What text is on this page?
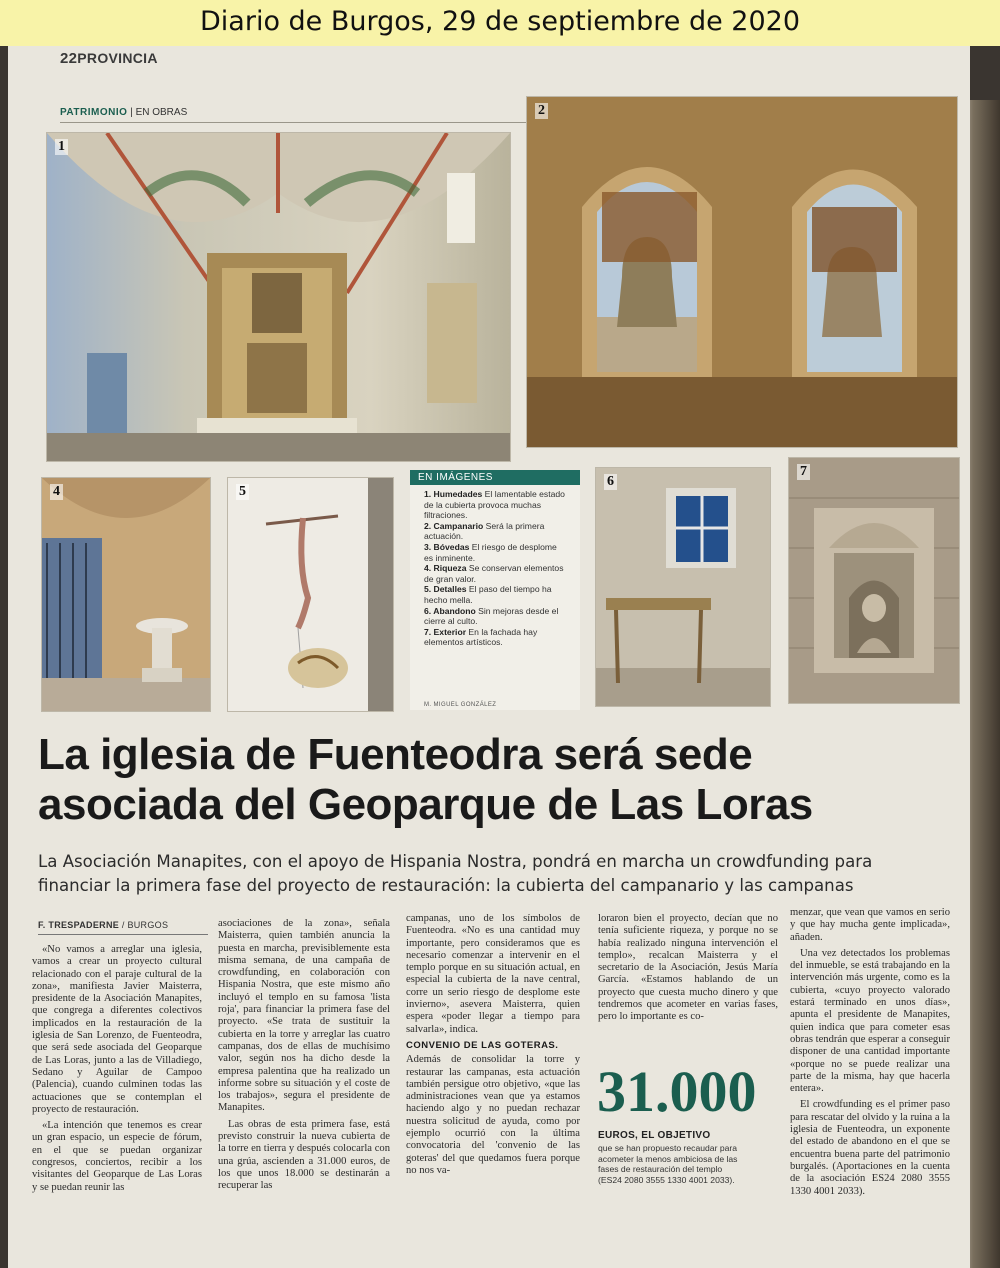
Diario de Burgos, 29 de septiembre de 2020
22PROVINCIA
PATRIMONIO | EN OBRAS
1
2
4	5
EN IMÁGENES
1. Humedades El lamentable estado de la cubierta provoca muchas filtraciones.
2. Campanario Será la primera actuación.
3. Bóvedas El riesgo de desplome es inminente.
4. Riqueza Se conservan elementos de gran valor.
5. Detalles El paso del tiempo ha hecho mella.
6. Abandono Sin mejoras desde el cierre al culto.
7. Exterior En la fachada hay elementos artísticos.
M. MIGUEL GONZÁLEZ
6
7
La iglesia de Fuenteodra será sede
asociada del Geoparque de Las Loras
La Asociación Manapites, con el apoyo de Hispania Nostra, pondrá en marcha un crowdfunding para
financiar la primera fase del proyecto de restauración: la cubierta del campanario y las campanas
F. TRESPADERNE / BURGOS

«No vamos a arreglar una iglesia, vamos a crear un proyecto cultural relacionado con el paraje cultural de la zona», manifiesta Javier Maisterra, presidente de la Asociación Manapites, que congrega a diferentes colectivos implicados en la restauración de la iglesia de San Lorenzo, de Fuenteodra, que será sede asociada del Geoparque de Las Loras, junto a las de Villadiego, Sedano y Aguilar de Campoo (Palencia), cuando culminen todas las actuaciones que se contemplan el proyecto de restauración.

«La intención que tenemos es crear un gran espacio, un especie de fórum, en el que se puedan organizar congresos, conciertos, recibir a los visitantes del Geoparque de Las Loras y se puedan reunir las

asociaciones de la zona», señala Maisterra, quien también anuncia la puesta en marcha, previsiblemente esta misma semana, de una campaña de crowdfunding, en colaboración con Hispania Nostra, que este mismo año incluyó el templo en su famosa 'lista roja', para financiar la primera fase del proyecto. «Se trata de sustituir la cubierta en la torre y arreglar las cuatro campanas, dos de ellas de muchísimo valor, según nos ha dicho desde la empresa palentina que ha realizado un informe sobre su situación y el coste de los trabajos», segura el presidente de Manapites.

Las obras de esta primera fase, está previsto construir la nueva cubierta de la torre en tierra y después colocarla con una grúa, ascienden a 31.000 euros, de los que unos 18.000 se destinarán a recuperar las

campanas, uno de los símbolos de Fuenteodra. «No es una cantidad muy importante, pero consideramos que es necesario comenzar a intervenir en el templo porque en su situación actual, en especial la cubierta de la nave central, corre un serio riesgo de desplome este invierno», asevera Maisterra, quien espera «poder llegar a tiempo para salvarla», indica.

CONVENIO DE LAS GOTERAS.

Además de consolidar la torre y restaurar las campanas, esta actuación también persigue otro objetivo, «que las administraciones vean que ya estamos haciendo algo y no puedan rechazar nuestra solicitud de ayuda, como por ejemplo ocurrió con la última convocatoria del 'convenio de las goteras' del que quedamos fuera porque no nos va-

loraron bien el proyecto, decían que no tenía suficiente riqueza, y porque no se había realizado ninguna intervención el templo», recalcan Maisterra y el secretario de la Asociación, Jesús María García. «Estamos hablando de un proyecto que cuesta mucho dinero y que tendremos que acometer en varias fases, pero lo importante es co-

menzar, que vean que vamos en serio y que hay mucha gente implicada», añaden.

Una vez detectados los problemas del inmueble, se está trabajando en la intervención más urgente, como es la cubierta, «cuyo proyecto valorado estará terminado en unos días», apunta el presidente de Manapites, quien indica que para cometer esas obras tendrán que esperar a conseguir disponer de una cantidad importante «porque no se puede realizar una parte de la misma, hay que hacerla entera».

El crowdfunding es el primer paso para rescatar del olvido y la ruina a la iglesia de Fuenteodra, un exponente del estado de abandono en el que se encuentra buena parte del patrimonio burgalés. (Aportaciones en la cuenta de la asociación ES24 2080 3555 1330 4001 2033).

31.000
EUROS, EL OBJETIVO
que se han propuesto recaudar para acometer la menos ambiciosa de las fases de restauración del templo (ES24 2080 3555 1330 4001 2033).
